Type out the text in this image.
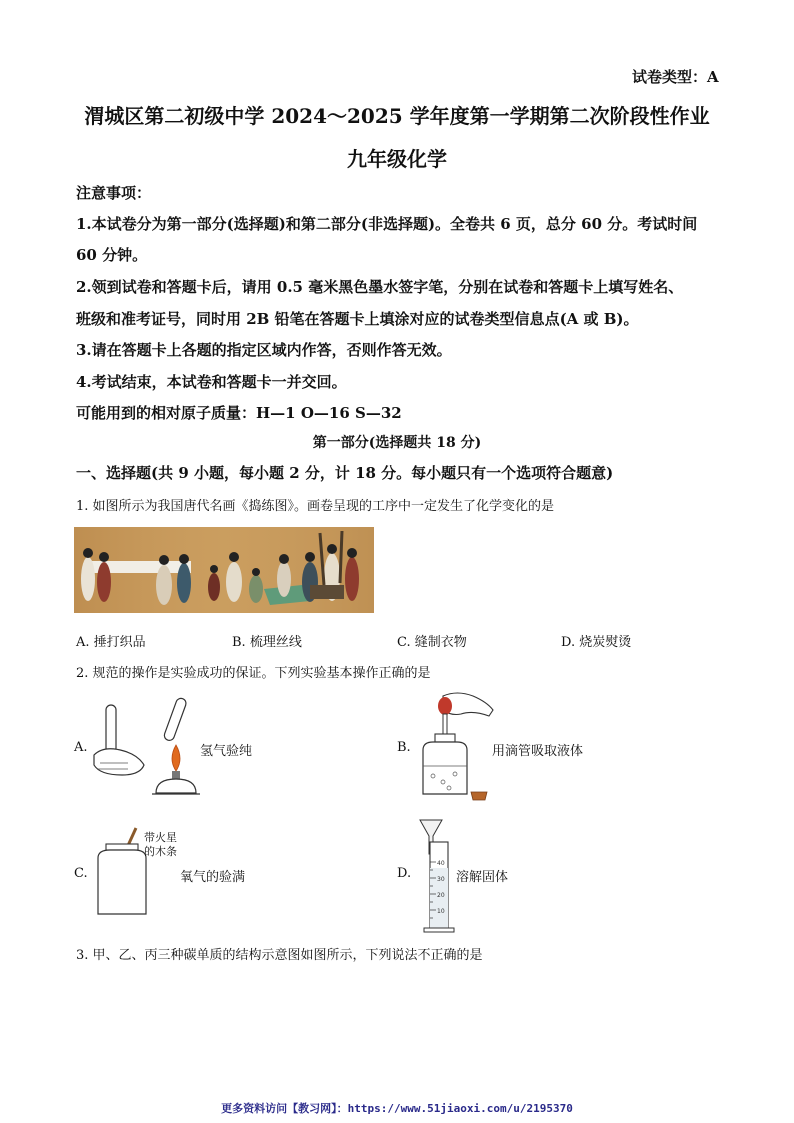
试卷类型：A
渭城区第二初级中学 2024～2025 学年度第一学期第二次阶段性作业
九年级化学
注意事项：
1.本试卷分为第一部分(选择题)和第二部分(非选择题)。全卷共 6 页，总分 60 分。考试时间
60 分钟。
2.领到试卷和答题卡后，请用 0.5 毫米黑色墨水签字笔，分别在试卷和答题卡上填写姓名、
班级和准考证号，同时用 2B 铅笔在答题卡上填涂对应的试卷类型信息点(A 或 B)。
3.请在答题卡上各题的指定区域内作答，否则作答无效。
4.考试结束，本试卷和答题卡一并交回。
可能用到的相对原子质量：H—1 O—16 S—32
第一部分(选择题共 18 分)
一、选择题(共 9 小题，每小题 2 分，计 18 分。每小题只有一个选项符合题意)
1. 如图所示为我国唐代名画《捣练图》。画卷呈现的工序中一定发生了化学变化的是
A. 捶打织品	B. 梳理丝线	C. 缝制衣物	D. 烧炭熨烫
2. 规范的操作是实验成功的保证。下列实验基本操作正确的是
A.	氢气验纯	B.	用滴管吸取液体
C.
带火星
的木条
氧气的验满	D.
40
30
20
10
溶解固体
3. 甲、乙、丙三种碳单质的结构示意图如图所示，下列说法不正确的是
更多资料访问【教习网】：https://www.51jiaoxi.com/u/2195370
